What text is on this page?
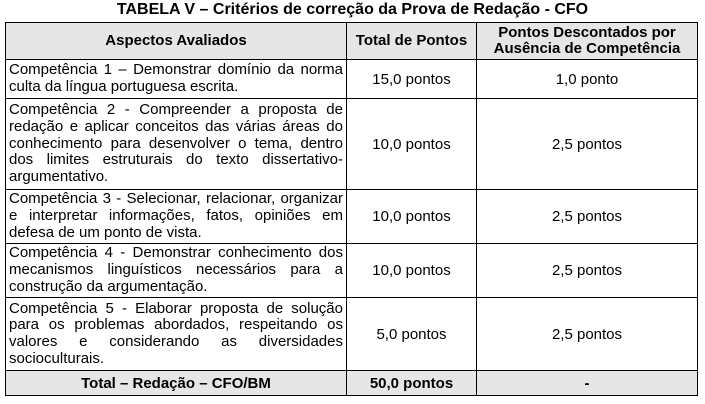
TABELA V – Critérios de correção da Prova de Redação - CFO
Aspectos Avaliados	Total de Pontos	Pontos Descontados por
Ausência de Competência

Competência 1 – Demonstrar domínio da norma culta da língua portuguesa escrita.	15,0 pontos	1,0 ponto
Competência 2 - Compreender a proposta de redação e aplicar conceitos das várias áreas do conhecimento para desenvolver o tema, dentro dos limites estruturais do texto dissertativo-argumentativo.	10,0 pontos	2,5 pontos
Competência 3 - Selecionar, relacionar, organizar e interpretar informações, fatos, opiniões em defesa de um ponto de vista.	10,0 pontos	2,5 pontos
Competência 4 - Demonstrar conhecimento dos mecanismos linguísticos necessários para a construção da argumentação.	10,0 pontos	2,5 pontos
Competência 5 - Elaborar proposta de solução para os problemas abordados, respeitando os valores e considerando as diversidades socioculturais.	5,0 pontos	2,5 pontos
Total – Redação – CFO/BM	50,0 pontos	-
